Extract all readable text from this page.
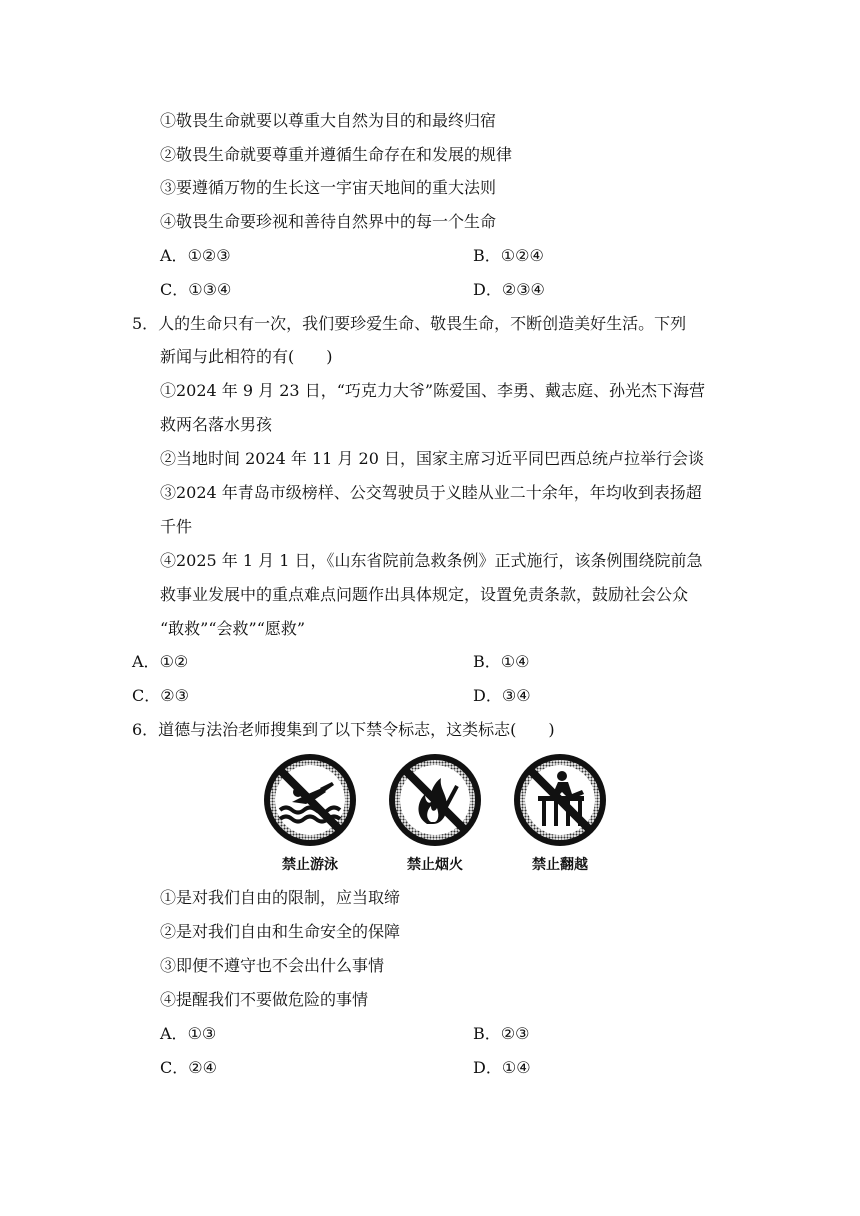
①敬畏生命就要以尊重大自然为目的和最终归宿
②敬畏生命就要尊重并遵循生命存在和发展的规律
③要遵循万物的生长这一宇宙天地间的重大法则
④敬畏生命要珍视和善待自然界中的每一个生命
A．①②③	B．①②④
C．①③④	D．②③④
5．人的生命只有一次，我们要珍爱生命、敬畏生命，不断创造美好生活。下列
新闻与此相符的有(　　)
①2024 年 9 月 23 日，“巧克力大爷”陈爱国、李勇、戴志庭、孙光杰下海营
救两名落水男孩
②当地时间 2024 年 11 月 20 日，国家主席习近平同巴西总统卢拉举行会谈
③2024 年青岛市级榜样、公交驾驶员于义睦从业二十余年，年均收到表扬超
千件
④2025 年 1 月 1 日，《山东省院前急救条例》正式施行，该条例围绕院前急
救事业发展中的重点难点问题作出具体规定，设置免责条款，鼓励社会公众
“敢救”“会救”“愿救”
A．①②	B．①④
C．②③	D．③④
6．道德与法治老师搜集到了以下禁令标志，这类标志(　　)
禁止游泳	禁止烟火	禁止翻越
①是对我们自由的限制，应当取缔
②是对我们自由和生命安全的保障
③即便不遵守也不会出什么事情
④提醒我们不要做危险的事情
A．①③	B．②③
C．②④	D．①④
